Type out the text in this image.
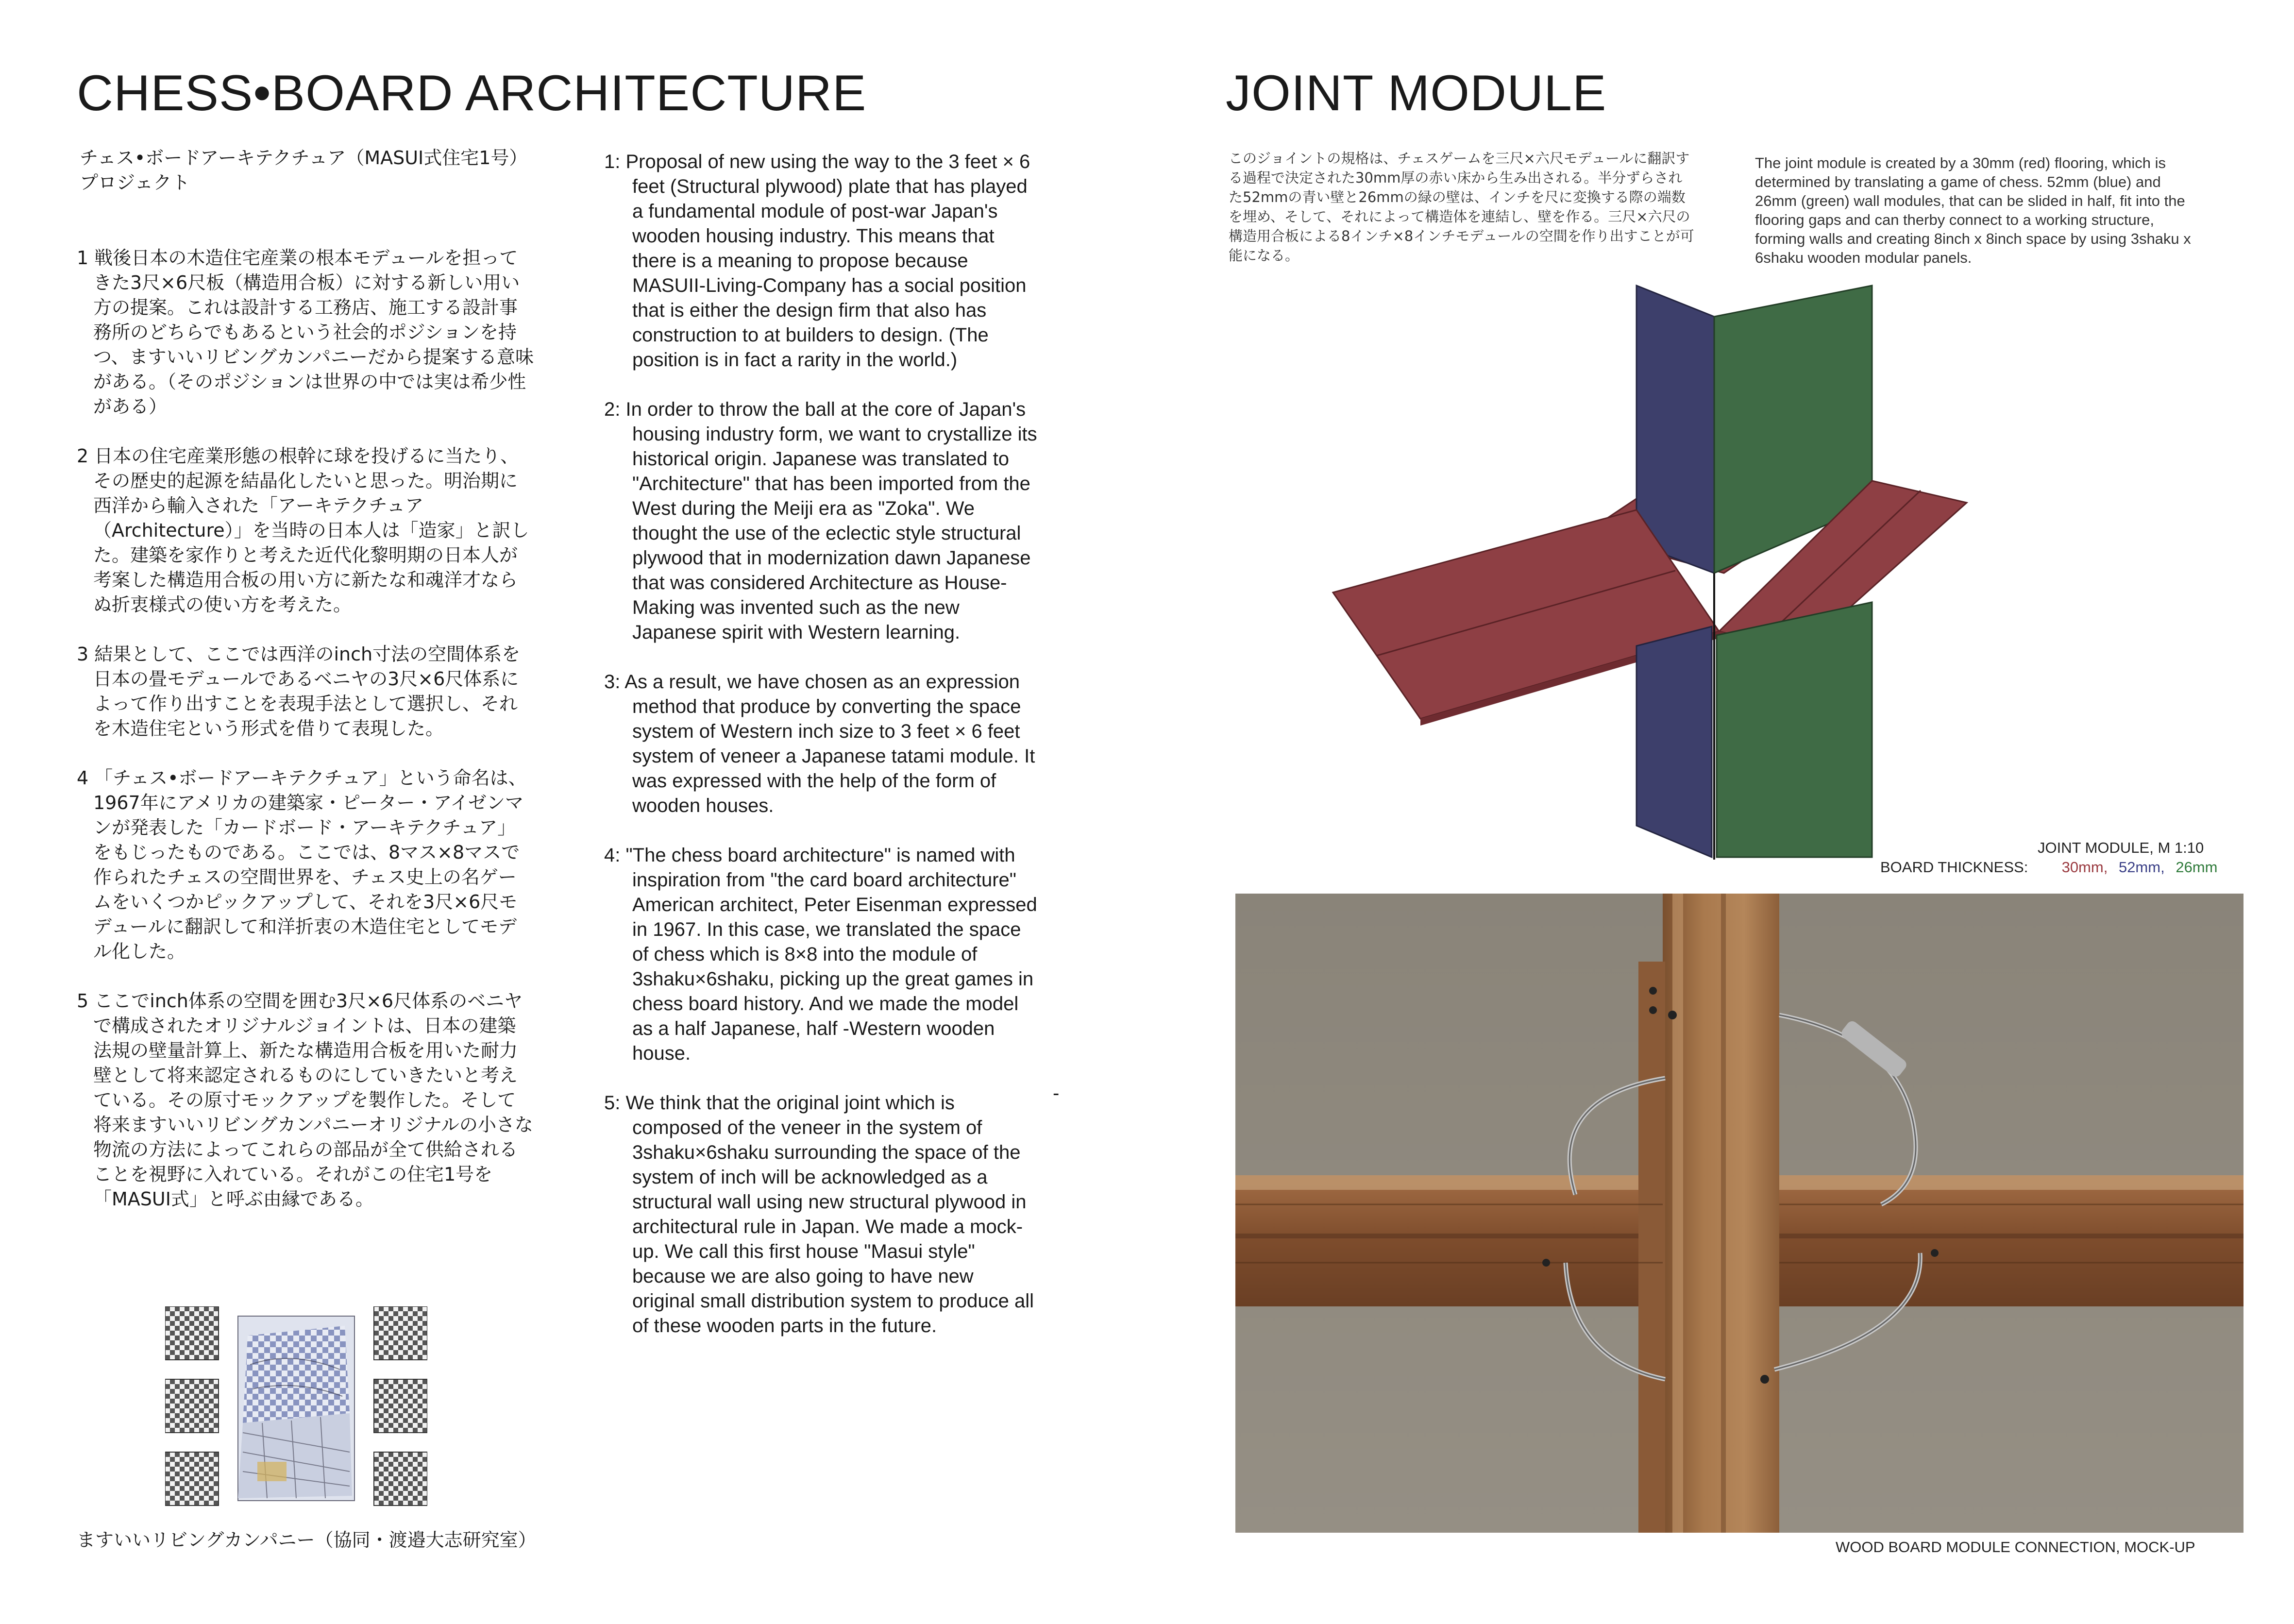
CHESS•BOARD ARCHITECTURE
チェス•ボードアーキテクチュア（MASUI式住宅1号）
プロジェクト

1 戦後日本の木造住宅産業の根本モデュールを担ってきた3尺×6尺板（構造用合板）に対する新しい用い方の提案。これは設計する工務店、施工する設計事務所のどちらでもあるという社会的ポジションを持つ、ますいいリビングカンパニーだから提案する意味がある。（そのポジションは世界の中では実は希少性がある）

2 日本の住宅産業形態の根幹に球を投げるに当たり、その歴史的起源を結晶化したいと思った。明治期に西洋から輸入された「アーキテクチュア（Architecture）」を当時の日本人は「造家」と訳した。建築を家作りと考えた近代化黎明期の日本人が考案した構造用合板の用い方に新たな和魂洋才ならぬ折衷様式の使い方を考えた。

3 結果として、ここでは西洋のinch寸法の空間体系を日本の畳モデュールであるベニヤの3尺×6尺体系によって作り出すことを表現手法として選択し、それを木造住宅という形式を借りて表現した。

4 「チェス•ボードアーキテクチュア」という命名は、1967年にアメリカの建築家・ピーター・アイゼンマンが発表した「カードボード・アーキテクチュア」をもじったものである。ここでは、8マス×8マスで作られたチェスの空間世界を、チェス史上の名ゲームをいくつかピックアップして、それを3尺×6尺モデュールに翻訳して和洋折衷の木造住宅としてモデル化した。

5 ここでinch体系の空間を囲む3尺×6尺体系のベニヤで構成されたオリジナルジョイントは、日本の建築法規の壁量計算上、新たな構造用合板を用いた耐力壁として将来認定されるものにしていきたいと考えている。その原寸モックアップを製作した。そして将来ますいいリビングカンパニーオリジナルの小さな物流の方法によってこれらの部品が全て供給されることを視野に入れている。それがこの住宅1号を「MASUI式」と呼ぶ由縁である。

ますいいリビングカンパニー（協同・渡邉大志研究室）

1: Proposal of new using the way to the 3 feet × 6 feet (Structural plywood) plate that has played a fundamental module of post-war Japan's wooden housing industry. This means that there is a meaning to propose because MASUII-Living-Company has a social position that is either the design firm that also has construction to at builders to design. (The position is in fact a rarity in the world.)

2: In order to throw the ball at the core of Japan's housing industry form, we want to crystallize its historical origin. Japanese was translated to "Architecture" that has been imported from the West during the Meiji era as "Zoka". We thought the use of the eclectic style structural plywood that in modernization dawn Japanese that was considered Architecture as House-Making was invented such as the new Japanese spirit with Western learning.

3: As a result, we have chosen as an expression method that produce by converting the space system of Western inch size to 3 feet × 6 feet system of veneer a Japanese tatami module. It was expressed with the help of the form of wooden houses.

4: "The chess board architecture" is named with inspiration from "the card board architecture" American architect, Peter Eisenman expressed in 1967. In this case, we translated the space of chess which is 8×8 into the module of 3shaku×6shaku, picking up the great games in chess board history. And we made the model as a half Japanese, half -Western wooden house.

5: We think that the original joint which is composed of the veneer in the system of 3shaku×6shaku surrounding the space of the system of inch will be acknowledged as a structural wall using new structural plywood in architectural rule in Japan. We made a mock-up. We call this first house "Masui style" because we are also going to have new original small distribution system to produce all of these wooden parts in the future.

-
JOINT MODULE
このジョイントの規格は、チェスゲームを三尺×六尺モデュールに翻訳する過程で決定された30mm厚の赤い床から生み出される。半分ずらされた52mmの青い壁と26mmの緑の壁は、インチを尺に変換する際の端数を埋め、そして、それによって構造体を連結し、壁を作る。三尺×六尺の構造用合板による8インチ×8インチモデュールの空間を作り出すことが可能になる。
The joint module is created by a 30mm (red) flooring, which is determined by translating a game of chess. 52mm (blue) and 26mm (green) wall modules, that can be slided in half, fit into the flooring gaps and can therby connect to a working structure, forming walls and creating 8inch x 8inch space by using 3shaku x 6shaku wooden modular panels.
JOINT MODULE, M 1:10
BOARD THICKNESS: 30mm, 52mm, 26mm
WOOD BOARD MODULE CONNECTION, MOCK-UP
